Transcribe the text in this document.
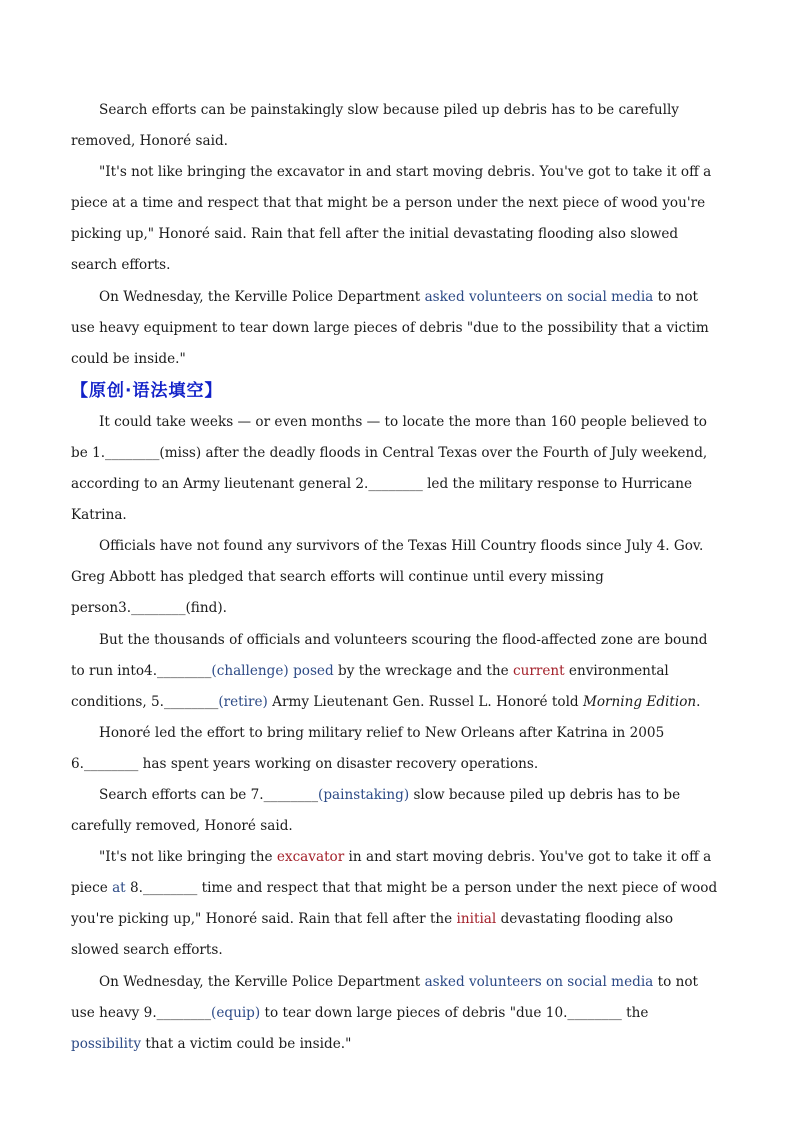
Search efforts can be painstakingly slow because piled up debris has to be carefully removed, Honoré said.

"It's not like bringing the excavator in and start moving debris. You've got to take it off a piece at a time and respect that that might be a person under the next piece of wood you're picking up," Honoré said. Rain that fell after the initial devastating flooding also slowed search efforts.

On Wednesday, the Kerville Police Department asked volunteers on social media to not use heavy equipment to tear down large pieces of debris "due to the possibility that a victim could be inside."

【原创·语法填空】

It could take weeks — or even months — to locate the more than 160 people believed to be 1.________(miss) after the deadly floods in Central Texas over the Fourth of July weekend, according to an Army lieutenant general 2.________ led the military response to Hurricane Katrina.

Officials have not found any survivors of the Texas Hill Country floods since July 4. Gov. Greg Abbott has pledged that search efforts will continue until every missing person3.________(find).

But the thousands of officials and volunteers scouring the flood-affected zone are bound to run into4.________(challenge) posed by the wreckage and the current environmental conditions, 5.________(retire) Army Lieutenant Gen. Russel L. Honoré told Morning Edition.

Honoré led the effort to bring military relief to New Orleans after Katrina in 2005 6.________ has spent years working on disaster recovery operations.

Search efforts can be 7.________(painstaking) slow because piled up debris has to be carefully removed, Honoré said.

"It's not like bringing the excavator in and start moving debris. You've got to take it off a piece at 8.________ time and respect that that might be a person under the next piece of wood you're picking up," Honoré said. Rain that fell after the initial devastating flooding also slowed search efforts.

On Wednesday, the Kerville Police Department asked volunteers on social media to not use heavy 9.________(equip) to tear down large pieces of debris "due 10.________ the possibility that a victim could be inside."
